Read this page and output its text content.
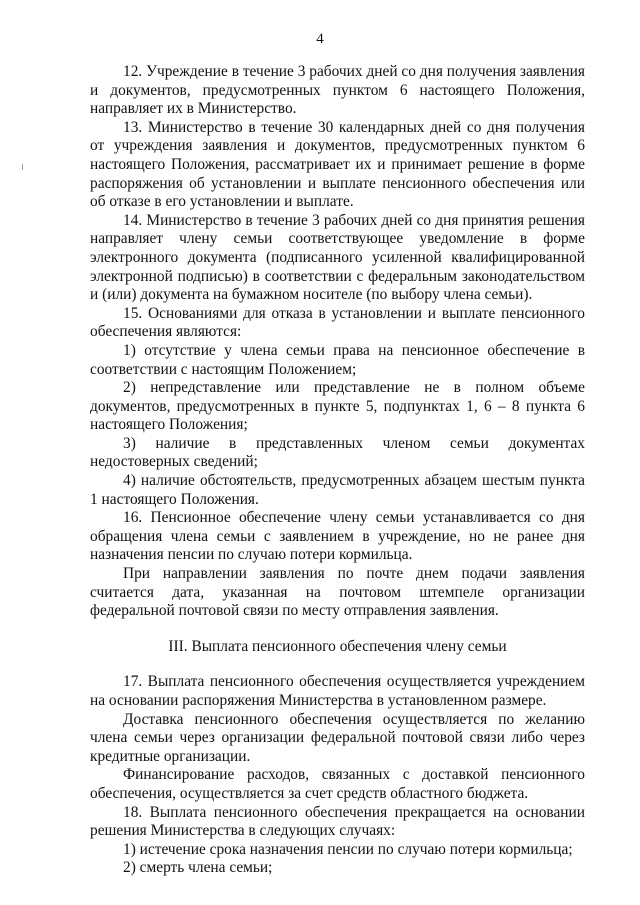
4

12. Учреждение в течение 3 рабочих дней со дня получения заявления и документов, предусмотренных пунктом 6 настоящего Положения, направляет их в Министерство.

13. Министерство в течение 30 календарных дней со дня получения от учреждения заявления и документов, предусмотренных пунктом 6 настоящего Положения, рассматривает их и принимает решение в форме распоряжения об установлении и выплате пенсионного обеспечения или об отказе в его установлении и выплате.

14. Министерство в течение 3 рабочих дней со дня принятия решения направляет члену семьи соответствующее уведомление в форме электронного документа (подписанного усиленной квалифицированной электронной подписью) в соответствии с федеральным законодательством и (или) документа на бумажном носителе (по выбору члена семьи).

15. Основаниями для отказа в установлении и выплате пенсионного обеспечения являются:

1) отсутствие у члена семьи права на пенсионное обеспечение в соответствии с настоящим Положением;

2) непредставление или представление не в полном объеме документов, предусмотренных в пункте 5, подпунктах 1, 6 – 8 пункта 6 настоящего Положения;

3) наличие в представленных членом семьи документах недостоверных сведений;

4) наличие обстоятельств, предусмотренных абзацем шестым пункта 1 настоящего Положения.

16. Пенсионное обеспечение члену семьи устанавливается со дня обращения члена семьи с заявлением в учреждение, но не ранее дня назначения пенсии по случаю потери кормильца.

При направлении заявления по почте днем подачи заявления считается дата, указанная на почтовом штемпеле организации федеральной почтовой связи по месту отправления заявления.

III. Выплата пенсионного обеспечения члену семьи

17. Выплата пенсионного обеспечения осуществляется учреждением на основании распоряжения Министерства в установленном размере.

Доставка пенсионного обеспечения осуществляется по желанию члена семьи через организации федеральной почтовой связи либо через кредитные организации.

Финансирование расходов, связанных с доставкой пенсионного обеспечения, осуществляется за счет средств областного бюджета.

18. Выплата пенсионного обеспечения прекращается на основании решения Министерства в следующих случаях:

1) истечение срока назначения пенсии по случаю потери кормильца;

2) смерть члена семьи;
